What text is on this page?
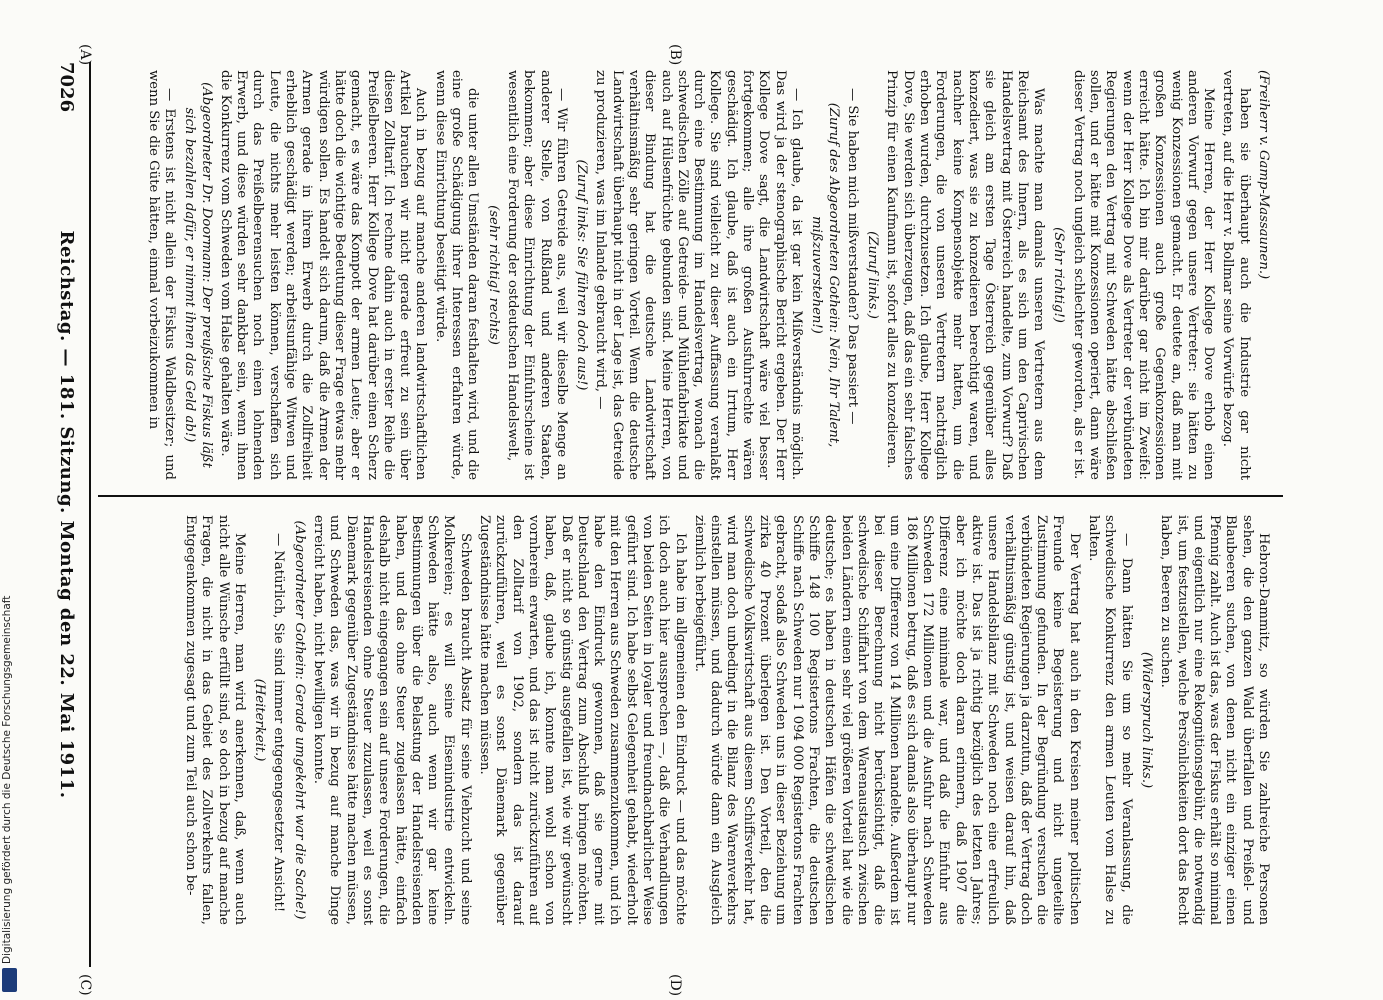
7026
Reichstag. — 181. Sitzung. Montag den 22. Mai 1911.
(A)	(B)
(C)	(D)

(Freiherr v. Gamp-Massaunen.)

haben sie überhaupt auch die Industrie gar nicht vertreten, auf die Herr v. Bollmar seine Vorwürfe bezog.

Meine Herren, der Herr Kollege Dove erhob einen anderen Vorwurf gegen unsere Vertreter: sie hätten zu wenig Konzessionen gemacht. Er deutete an, daß man mit großen Konzessionen auch große Gegenkonzessionen erreicht hätte. Ich bin mir darüber gar nicht im Zweifel: wenn der Herr Kollege Dove als Vertreter der verbündeten Regierungen den Vertrag mit Schweden hätte abschließen sollen, und er hätte mit Konzessionen operiert, dann wäre dieser Vertrag noch ungleich schlechter geworden, als er ist.

(Sehr richtig!)

Was machte man damals unseren Vertretern aus dem Reichsamt des Innern, als es sich um den Caprivischen Handelsvertrag mit Österreich handelte, zum Vorwurf? Daß sie gleich am ersten Tage Österreich gegenüber alles konzediert, was sie zu konzedieren berechtigt waren, und nachher keine Kompensobjekte mehr hatten, um die Forderungen, die von unseren Vertretern nachträglich erhoben wurden, durchzusetzen. Ich glaube, Herr Kollege Dove, Sie werden sich überzeugen, daß das ein sehr falsches Prinzip für einen Kaufmann ist, sofort alles zu konzedieren.

(Zuruf links.)

— Sie haben mich mißverstanden? Das passiert —

(Zuruf des Abgeordneten Gothein: Nein, Ihr Talent, mißzuverstehen!)

— Ich glaube, da ist gar kein Mißverständnis möglich. Das wird ja der stenographische Bericht ergeben. Der Herr Kollege Dove sagt, die Landwirtschaft wäre viel besser fortgekommen; alle ihre großen Ausfuhrrechte wären geschädigt. Ich glaube, daß ist auch ein Irrtum, Herr Kollege. Sie sind vielleicht zu dieser Auffassung veranlaßt durch eine Bestimmung im Handelsvertrag, wonach die schwedischen Zölle auf Getreide- und Mühlenfabrikate und auch auf Hülsenfrüchte gebunden sind. Meine Herren, von dieser Bindung hat die deutsche Landwirtschaft verhältnismäßig sehr geringen Vorteil. Wenn die deutsche Landwirtschaft überhaupt nicht in der Lage ist, das Getreide zu produzieren, was im Inlande gebraucht wird, —

(Zuruf links: Sie führen doch aus!)

— Wir führen Getreide aus, weil wir dieselbe Menge an anderer Stelle, von Rußland und anderen Staaten, bekommen; aber diese Einrichtung der Einfuhrscheine ist wesentlich eine Forderung der ostdeutschen Handelswelt,

(sehr richtig! rechts)

die unter allen Umständen daran festhalten wird, und die eine große Schädigung ihrer Interessen erfahren würde, wenn diese Einrichtung beseitigt würde.

Auch in bezug auf manche anderen landwirtschaftlichen Artikel brauchen wir nicht gerade erfreut zu sein über diesen Zolltarif. Ich rechne dahin auch in erster Reihe die Preißelbeeren. Herr Kollege Dove hat darüber einen Scherz gemacht, es wäre das Kompott der armen Leute; aber er hätte doch die wichtige Bedeutung dieser Frage etwas mehr würdigen sollen. Es handelt sich darum, daß die Armen der Armen gerade in ihrem Erwerb durch die Zollfreiheit erheblich geschädigt werden; arbeitsunfähige Witwen und Leute, die nichts mehr leisten können, verschaffen sich durch das Preißelbeerensuchen noch einen lohnenden Erwerb, und diese würden sehr dankbar sein, wenn ihnen die Konkurrenz vom Schweden vom Halse gehalten wäre.

(Abgeordneter Dr. Doormann: Der preußische Fiskus läßt sich bezahlen dafür, er nimmt ihnen das Geld ab!)

— Erstens ist nicht allein der Fiskus Waldbesitzer; und wenn Sie die Güte hätten, einmal vorbeizukommen in

Hebron-Dammitz, so würden Sie zahlreiche Personen sehen, die den ganzen Wald überfallen und Preißel- und Blaubeeren suchen, von denen nicht ein einziger einen Pfennig zahlt. Auch ist das, was der Fiskus erhält so minimal und eigentlich nur eine Rekognitionsgebühr, die notwendig ist, um festzustellen, welche Persönlichkeiten dort das Recht haben, Beeren zu suchen.

(Widerspruch links.)

— Dann hätten Sie um so mehr Veranlassung, die schwedische Konkurrenz den armen Leuten vom Halse zu halten.

Der Vertrag hat auch in den Kreisen meiner politischen Freunde keine Begeisterung und nicht ungeteilte Zustimmung gefunden. In der Begründung versuchen die verbündeten Regierungen ja darzutun, daß der Vertrag doch verhältnismäßig günstig ist, und weisen darauf hin, daß unsere Handelsbilanz mit Schweden noch eine erfreulich aktive ist. Das ist ja richtig bezüglich des letzten Jahres; aber ich möchte doch daran erinnern, daß 1907 die Differenz eine minimale war, und daß die Einfuhr aus Schweden 172 Millionen und die Ausfuhr nach Schweden 186 Millionen betrug, daß es sich damals also überhaupt nur um eine Differenz von 14 Millionen handelte. Außerdem ist bei dieser Berechnung nicht berücksichtigt, daß die schwedische Schiffahrt von dem Warenaustausch zwischen beiden Ländern einen sehr viel größeren Vorteil hat wie die deutsche; es haben in deutschen Häfen die schwedischen Schiffe 148 100 Registertons Frachten, die deutschen Schiffe nach Schweden nur 1 094 000 Registertons Frachten gebracht, sodaß also Schweden uns in dieser Beziehung um zirka 40 Prozent überlegen ist. Den Vorteil, den die schwedische Volkswirtschaft aus diesem Schiffsverkehr hat, wird man doch unbedingt in die Bilanz des Warenverkehrs einstellen müssen, und dadurch würde dann ein Ausgleich ziemlich herbeigeführt.

Ich habe im allgemeinen den Eindruck — und das möchte ich doch auch hier aussprechen —, daß die Verhandlungen von beiden Seiten in loyaler und freundnachbarlicher Weise geführt sind. Ich habe selbst Gelegenheit gehabt, wiederholt mit den Herren aus Schweden zusammenzukommen, und ich habe den Eindruck gewonnen, daß sie gerne mit Deutschland den Vertrag zum Abschluß bringen möchten. Daß er nicht so günstig ausgefallen ist, wie wir gewünscht haben, daß, glaube ich, konnte man wohl schon von vornherein erwarten, und das ist nicht zurückzuführen auf den Zolltarif von 1902, sondern das ist darauf zurückzuführen, weil es sonst Dänemark gegenüber Zugeständnisse hätte machen müssen.

Schweden braucht Absatz für seine Viehzucht und seine Molkereien; es will seine Eisenindustrie entwickeln. Schweden hätte also, auch wenn wir gar keine Bestimmungen über die Belastung der Handelsreisenden haben, und das ohne Steuer zugelassen hätte, einfach deshalb nicht eingegangen sein auf unsere Forderungen, die Handelsreisenden ohne Steuer zuzulassen, weil es sonst Dänemark gegenüber Zugeständnisse hätte machen müssen, und Schweden das, was wir in bezug auf manche Dinge erreicht haben, nicht bewilligen konnte.

(Abgeordneter Gothein: Gerade umgekehrt war die Sache!)

— Natürlich, Sie sind immer entgegengesetzter Ansicht!

(Heiterkeit.)

Meine Herren, man wird anerkennen, daß, wenn auch nicht alle Wünsche erfüllt sind, so doch in bezug auf manche Fragen, die nicht in das Gebiet des Zollverkehrs fallen, Entgegenkommen zugesagt und zum Teil auch schon be-

Digitalisierung gefördert durch die Deutsche Forschungsgemeinschaft
